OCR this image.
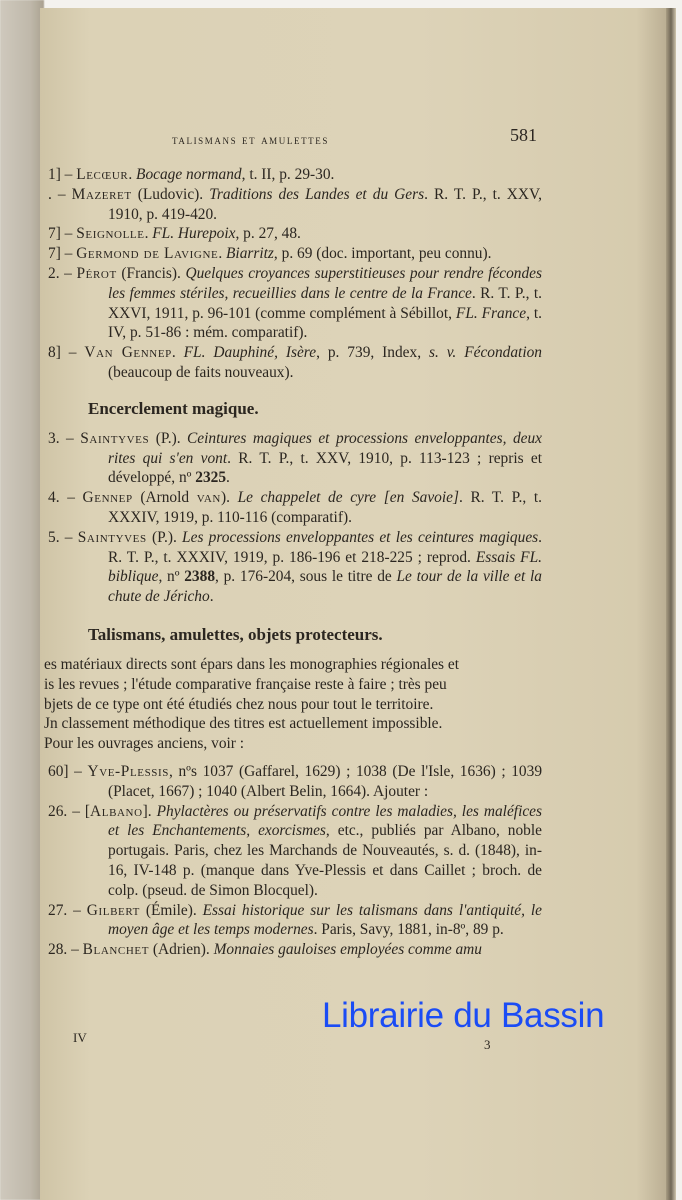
talismans et amulettes	581
1] – Lecœur. Bocage normand, t. II, p. 29-30.
. – Mazeret (Ludovic). Traditions des Landes et du Gers. R. T. P., t. XXV, 1910, p. 419-420.
7] – Seignolle. FL. Hurepoix, p. 27, 48.
7] – Germond de Lavigne. Biarritz, p. 69 (doc. important, peu connu).
2. – Pérot (Francis). Quelques croyances superstitieuses pour rendre fécondes les femmes stériles, recueillies dans le centre de la France. R. T. P., t. XXVI, 1911, p. 96-101 (comme complément à Sébillot, FL. France, t. IV, p. 51-86 : mém. comparatif).
8] – Van Gennep. FL. Dauphiné, Isère, p. 739, Index, s. v. Fécondation (beaucoup de faits nouveaux).
Encerclement magique.
3. – Saintyves (P.). Ceintures magiques et processions enveloppantes, deux rites qui s'en vont. R. T. P., t. XXV, 1910, p. 113-123 ; repris et développé, nº 2325.
4. – Gennep (Arnold van). Le chappelet de cyre [en Savoie]. R. T. P., t. XXXIV, 1919, p. 110-116 (comparatif).
5. – Saintyves (P.). Les processions enveloppantes et les ceintures magiques. R. T. P., t. XXXIV, 1919, p. 186-196 et 218-225 ; reprod. Essais FL. biblique, nº 2388, p. 176-204, sous le titre de Le tour de la ville et la chute de Jéricho.
Talismans, amulettes, objets protecteurs.

es matériaux directs sont épars dans les monographies régionales et

is les revues ; l'étude comparative française reste à faire ; très peu

bjets de ce type ont été étudiés chez nous pour tout le territoire.

Jn classement méthodique des titres est actuellement impossible.

Pour les ouvrages anciens, voir :

60] – Yve-Plessis, nºs 1037 (Gaffarel, 1629) ; 1038 (De l'Isle, 1636) ; 1039 (Placet, 1667) ; 1040 (Albert Belin, 1664). Ajouter :
26. – [Albano]. Phylactères ou préservatifs contre les maladies, les maléfices et les Enchantements, exorcismes, etc., publiés par Albano, noble portugais. Paris, chez les Marchands de Nouveautés, s. d. (1848), in-16, IV-148 p. (manque dans Yve-Plessis et dans Caillet ; broch. de colp. (pseud. de Simon Blocquel).
27. – Gilbert (Émile). Essai historique sur les talismans dans l'antiquité, le moyen âge et les temps modernes. Paris, Savy, 1881, in-8º, 89 p.
28. – Blanchet (Adrien). Monnaies gauloises employées comme amu
IV	3
Librairie du Bassin
